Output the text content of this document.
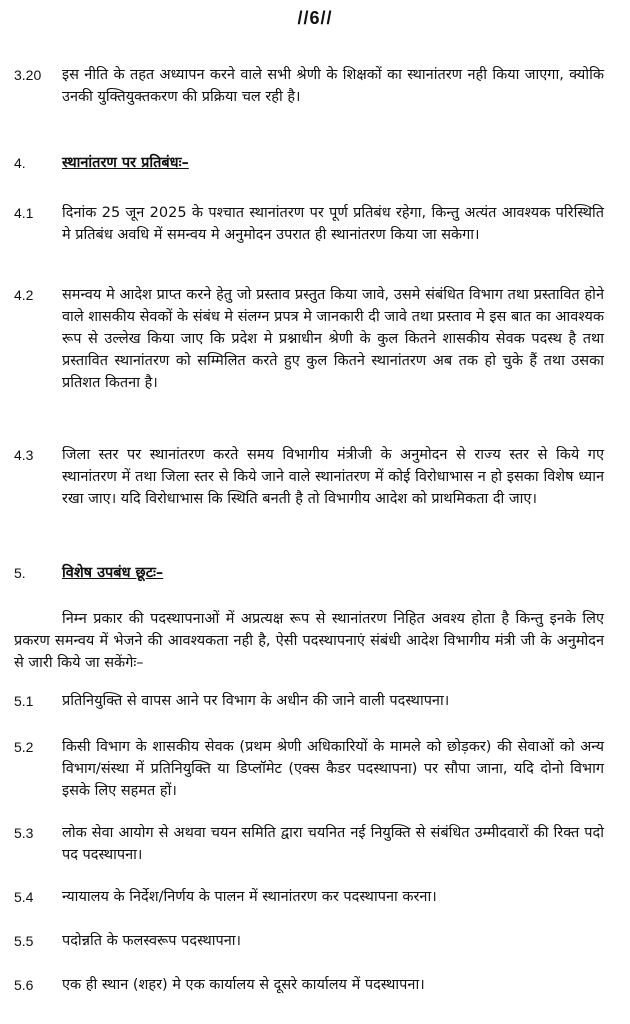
//6//
3.20	इस नीति के तहत अध्यापन करने वाले सभी श्रेणी के शिक्षकों का स्थानांतरण नही किया जाएगा, क्योकि उनकी युक्तियुक्तकरण की प्रक्रिया चल रही है।
4.	स्थानांतरण पर प्रतिबंधः–
4.1	दिनांक 25 जून 2025 के पश्चात स्थानांतरण पर पूर्ण प्रतिबंध रहेगा, किन्तु अत्यंत आवश्यक परिस्थिति मे प्रतिबंध अवधि में समन्वय मे अनुमोदन उपरात ही स्थानांतरण किया जा सकेगा।
4.2	समन्वय मे आदेश प्राप्त करने हेतु जो प्रस्ताव प्रस्तुत किया जावे, उसमे संबंधित विभाग तथा प्रस्तावित होने वाले शासकीय सेवकों के संबंध मे संलग्न प्रपत्र मे जानकारी दी जावे तथा प्रस्ताव मे इस बात का आवश्यक रूप से उल्लेख किया जाए कि प्रदेश मे प्रश्नाधीन श्रेणी के कुल कितने शासकीय सेवक पदस्थ है तथा प्रस्तावित स्थानांतरण को सम्मिलित करते हुए कुल कितने स्थानांतरण अब तक हो चुके हैं तथा उसका प्रतिशत कितना है।
4.3	जिला स्तर पर स्थानांतरण करते समय विभागीय मंत्रीजी के अनुमोदन से राज्य स्तर से किये गए स्थानांतरण में तथा जिला स्तर से किये जाने वाले स्थानांतरण में कोई विरोधाभास न हो इसका विशेष ध्यान रखा जाए। यदि विरोधाभास कि स्थिति बनती है तो विभागीय आदेश को प्राथमिकता दी जाए।
5.	विशेष उपबंध छूटः–
निम्न प्रकार की पदस्थापनाओं में अप्रत्यक्ष रूप से स्थानांतरण निहित अवश्य होता है किन्तु इनके लिए प्रकरण समन्वय में भेजने की आवश्यकता नही है, ऐसी पदस्थापनाएं संबंधी आदेश विभागीय मंत्री जी के अनुमोदन से जारी किये जा सकेंगेः–
5.1	प्रतिनियुक्ति से वापस आने पर विभाग के अधीन की जाने वाली पदस्थापना।
5.2	किसी विभाग के शासकीय सेवक (प्रथम श्रेणी अधिकारियों के मामले को छोड़कर) की सेवाओं को अन्य विभाग/संस्था में प्रतिनियुक्ति या डिप्लॉमेट (एक्स कैडर पदस्थापना) पर सौपा जाना, यदि दोनो विभाग इसके लिए सहमत हों।
5.3	लोक सेवा आयोग से अथवा चयन समिति द्वारा चयनित नई नियुक्ति से संबंधित उम्मीदवारों की रिक्त पदो पद पदस्थापना।
5.4	न्यायालय के निर्देश/निर्णय के पालन में स्थानांतरण कर पदस्थापना करना।
5.5	पदोन्नति के फलस्वरूप पदस्थापना।
5.6	एक ही स्थान (शहर) मे एक कार्यालय से दूसरे कार्यालय में पदस्थापना।
